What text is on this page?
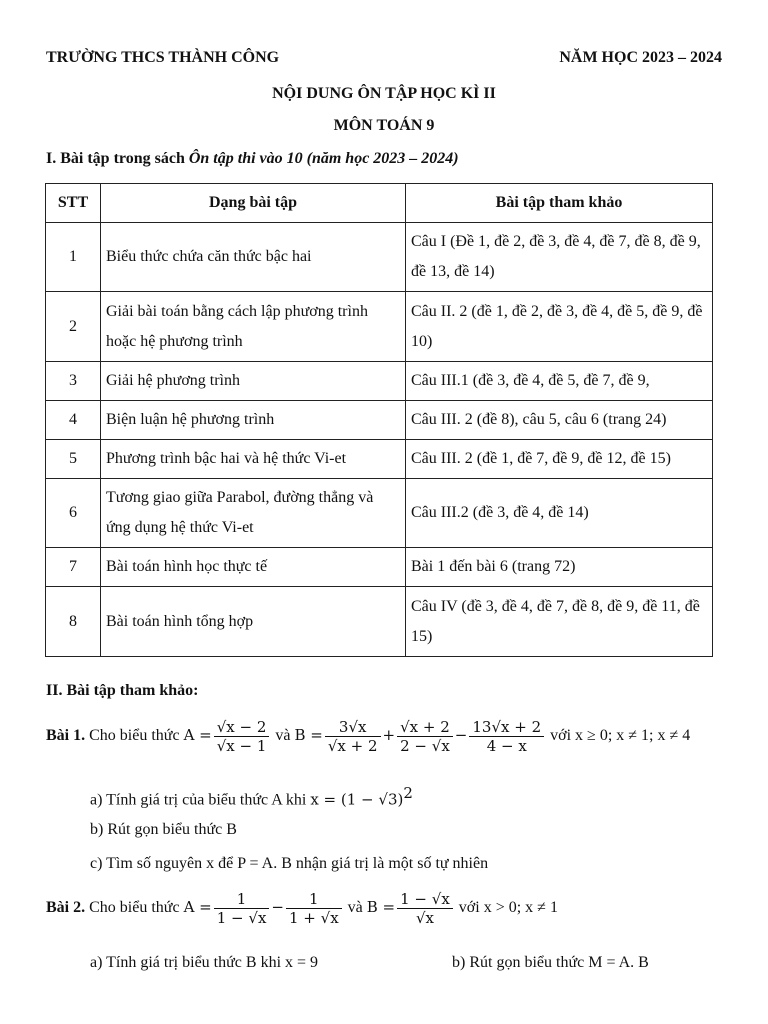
TRƯỜNG THCS THÀNH CÔNG	NĂM HỌC 2023 – 2024
NỘI DUNG ÔN TẬP HỌC KÌ II
MÔN TOÁN 9
I. Bài tập trong sách Ôn tập thi vào 10 (năm học 2023 – 2024)
STT	Dạng bài tập	Bài tập tham khảo
1	Biểu thức chứa căn thức bậc hai	Câu I (Đề 1, đề 2, đề 3, đề 4, đề 7, đề 8, đề 9, đề 13, đề 14)
2	Giải bài toán bằng cách lập phương trình hoặc hệ phương trình	Câu II. 2 (đề 1, đề 2, đề 3, đề 4, đề 5, đề 9, đề 10)
3	Giải hệ phương trình	Câu III.1 (đề 3, đề 4, đề 5, đề 7, đề 9,
4	Biện luận hệ phương trình	Câu III. 2 (đề 8), câu 5, câu 6 (trang 24)
5	Phương trình bậc hai và hệ thức Vi-et	Câu III. 2 (đề 1, đề 7, đề 9, đề 12, đề 15)
6	Tương giao giữa Parabol, đường thẳng và ứng dụng hệ thức Vi-et	Câu III.2 (đề 3, đề 4, đề 14)
7	Bài toán hình học thực tế	Bài 1 đến bài 6 (trang 72)
8	Bài toán hình tổng hợp	Câu IV (đề 3, đề 4, đề 7, đề 8, đề 9, đề 11, đề 15)
II. Bài tập tham khảo:
Bài 1. Cho biểu thức $A = \frac{√x - 2}{√x - 1}$ và $B = \frac{3√x}{√x + 2} + \frac{√x + 2}{2 - √x} - \frac{13√x + 2}{4 - x}$ với x ≥ 0; x ≠ 1; x ≠ 4
a) Tính giá trị của biểu thức A khi $x = (1 - √3)^2$
b) Rút gọn biểu thức B
c) Tìm số nguyên x để P = A. B nhận giá trị là một số tự nhiên
Bài 2. Cho biểu thức $A = \frac{1}{1 - √x} - \frac{1}{1 + √x}$ và $B = \frac{1 - √x}{√x}$ với x > 0; x ≠ 1
a) Tính giá trị biểu thức B khi x = 9	b) Rút gọn biểu thức M = A. B
